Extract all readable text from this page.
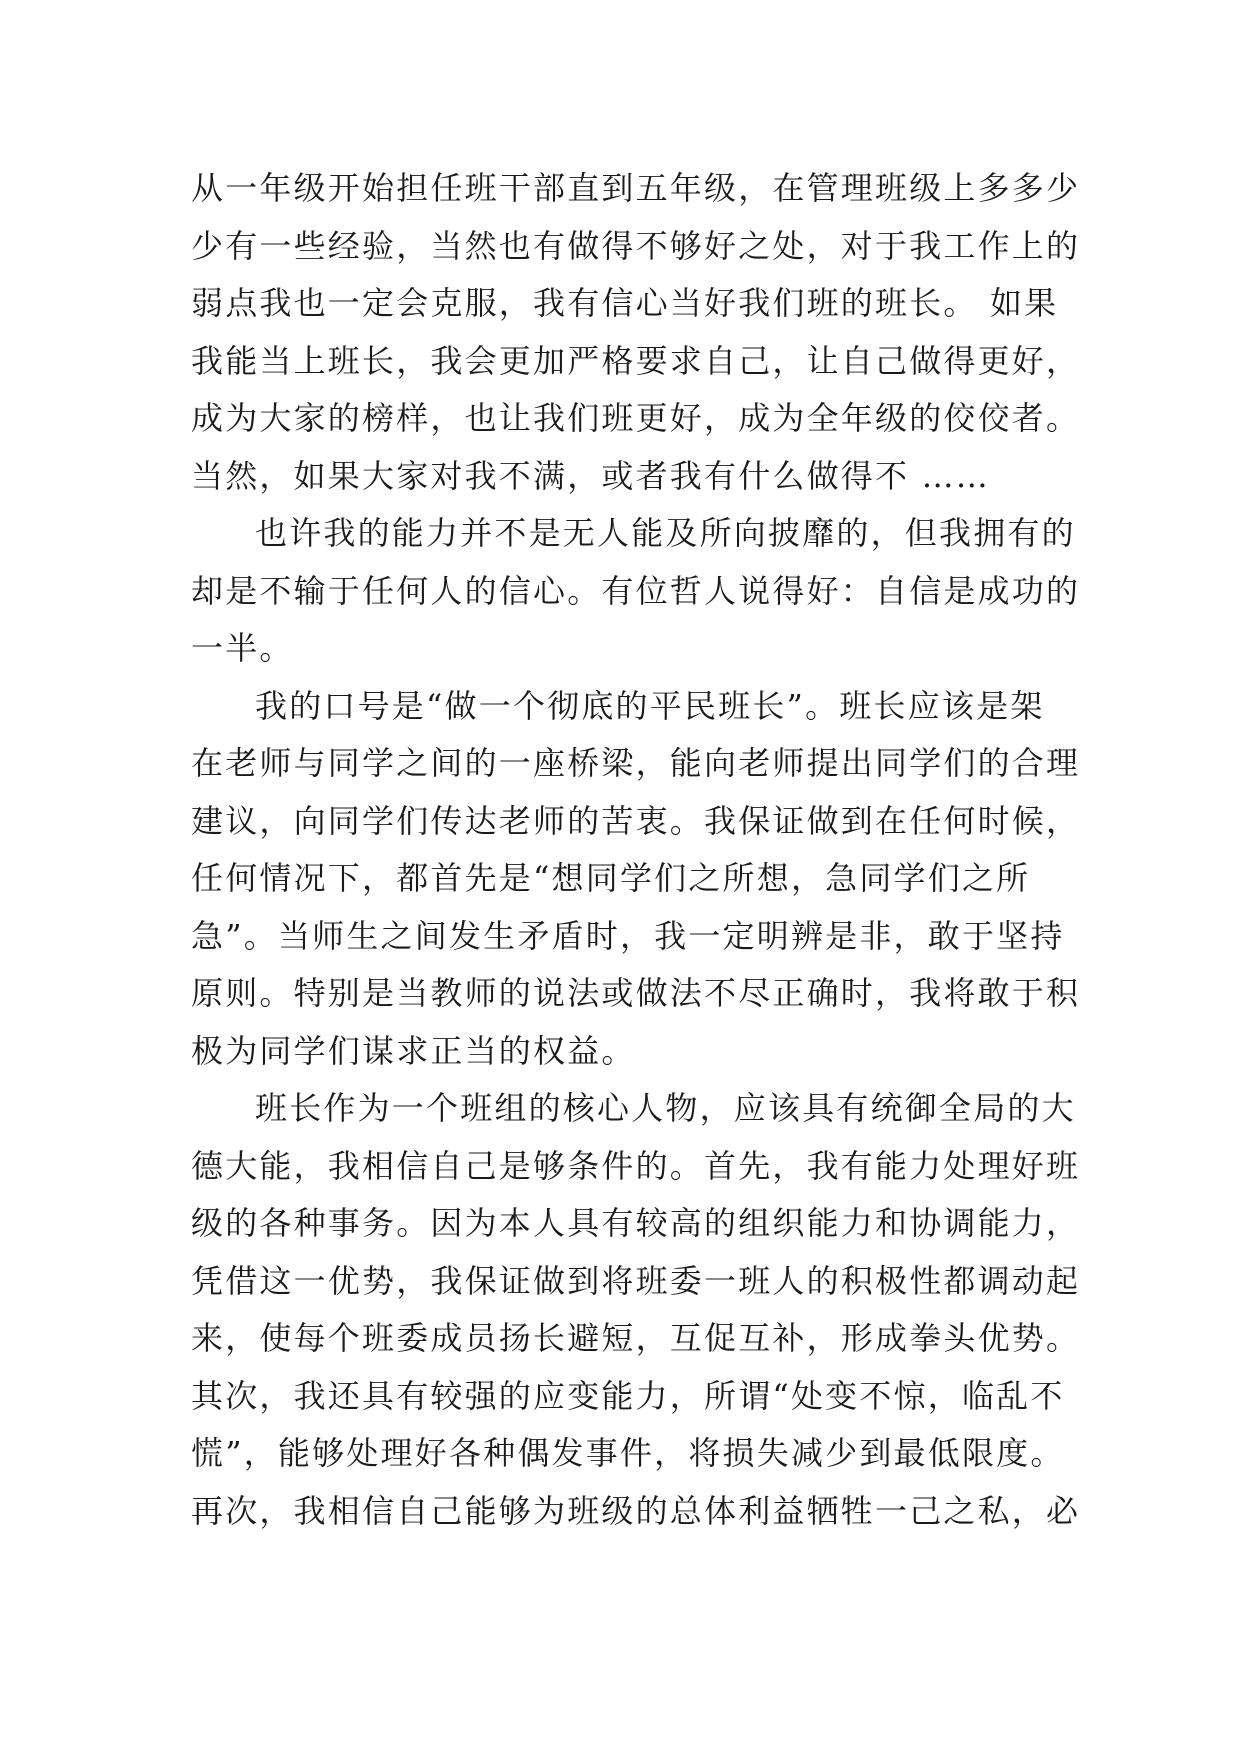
从一年级开始担任班干部直到五年级，在管理班级上多多少
少有一些经验，当然也有做得不够好之处，对于我工作上的
弱点我也一定会克服，我有信心当好我们班的班长。 如果
我能当上班长，我会更加严格要求自己，让自己做得更好，
成为大家的榜样，也让我们班更好，成为全年级的佼佼者。
当然，如果大家对我不满，或者我有什么做得不 ……
也许我的能力并不是无人能及所向披靡的，但我拥有的
却是不输于任何人的信心。有位哲人说得好：自信是成功的
一半。
我的口号是“做一个彻底的平民班长”。班长应该是架
在老师与同学之间的一座桥梁，能向老师提出同学们的合理
建议，向同学们传达老师的苦衷。我保证做到在任何时候，
任何情况下，都首先是“想同学们之所想，急同学们之所
急”。当师生之间发生矛盾时，我一定明辨是非，敢于坚持
原则。特别是当教师的说法或做法不尽正确时，我将敢于积
极为同学们谋求正当的权益。
班长作为一个班组的核心人物，应该具有统御全局的大
德大能，我相信自己是够条件的。首先，我有能力处理好班
级的各种事务。因为本人具有较高的组织能力和协调能力，
凭借这一优势，我保证做到将班委一班人的积极性都调动起
来，使每个班委成员扬长避短，互促互补，形成拳头优势。
其次，我还具有较强的应变能力，所谓“处变不惊，临乱不
慌”，能够处理好各种偶发事件，将损失减少到最低限度。
再次，我相信自己能够为班级的总体利益牺牲一己之私，必
